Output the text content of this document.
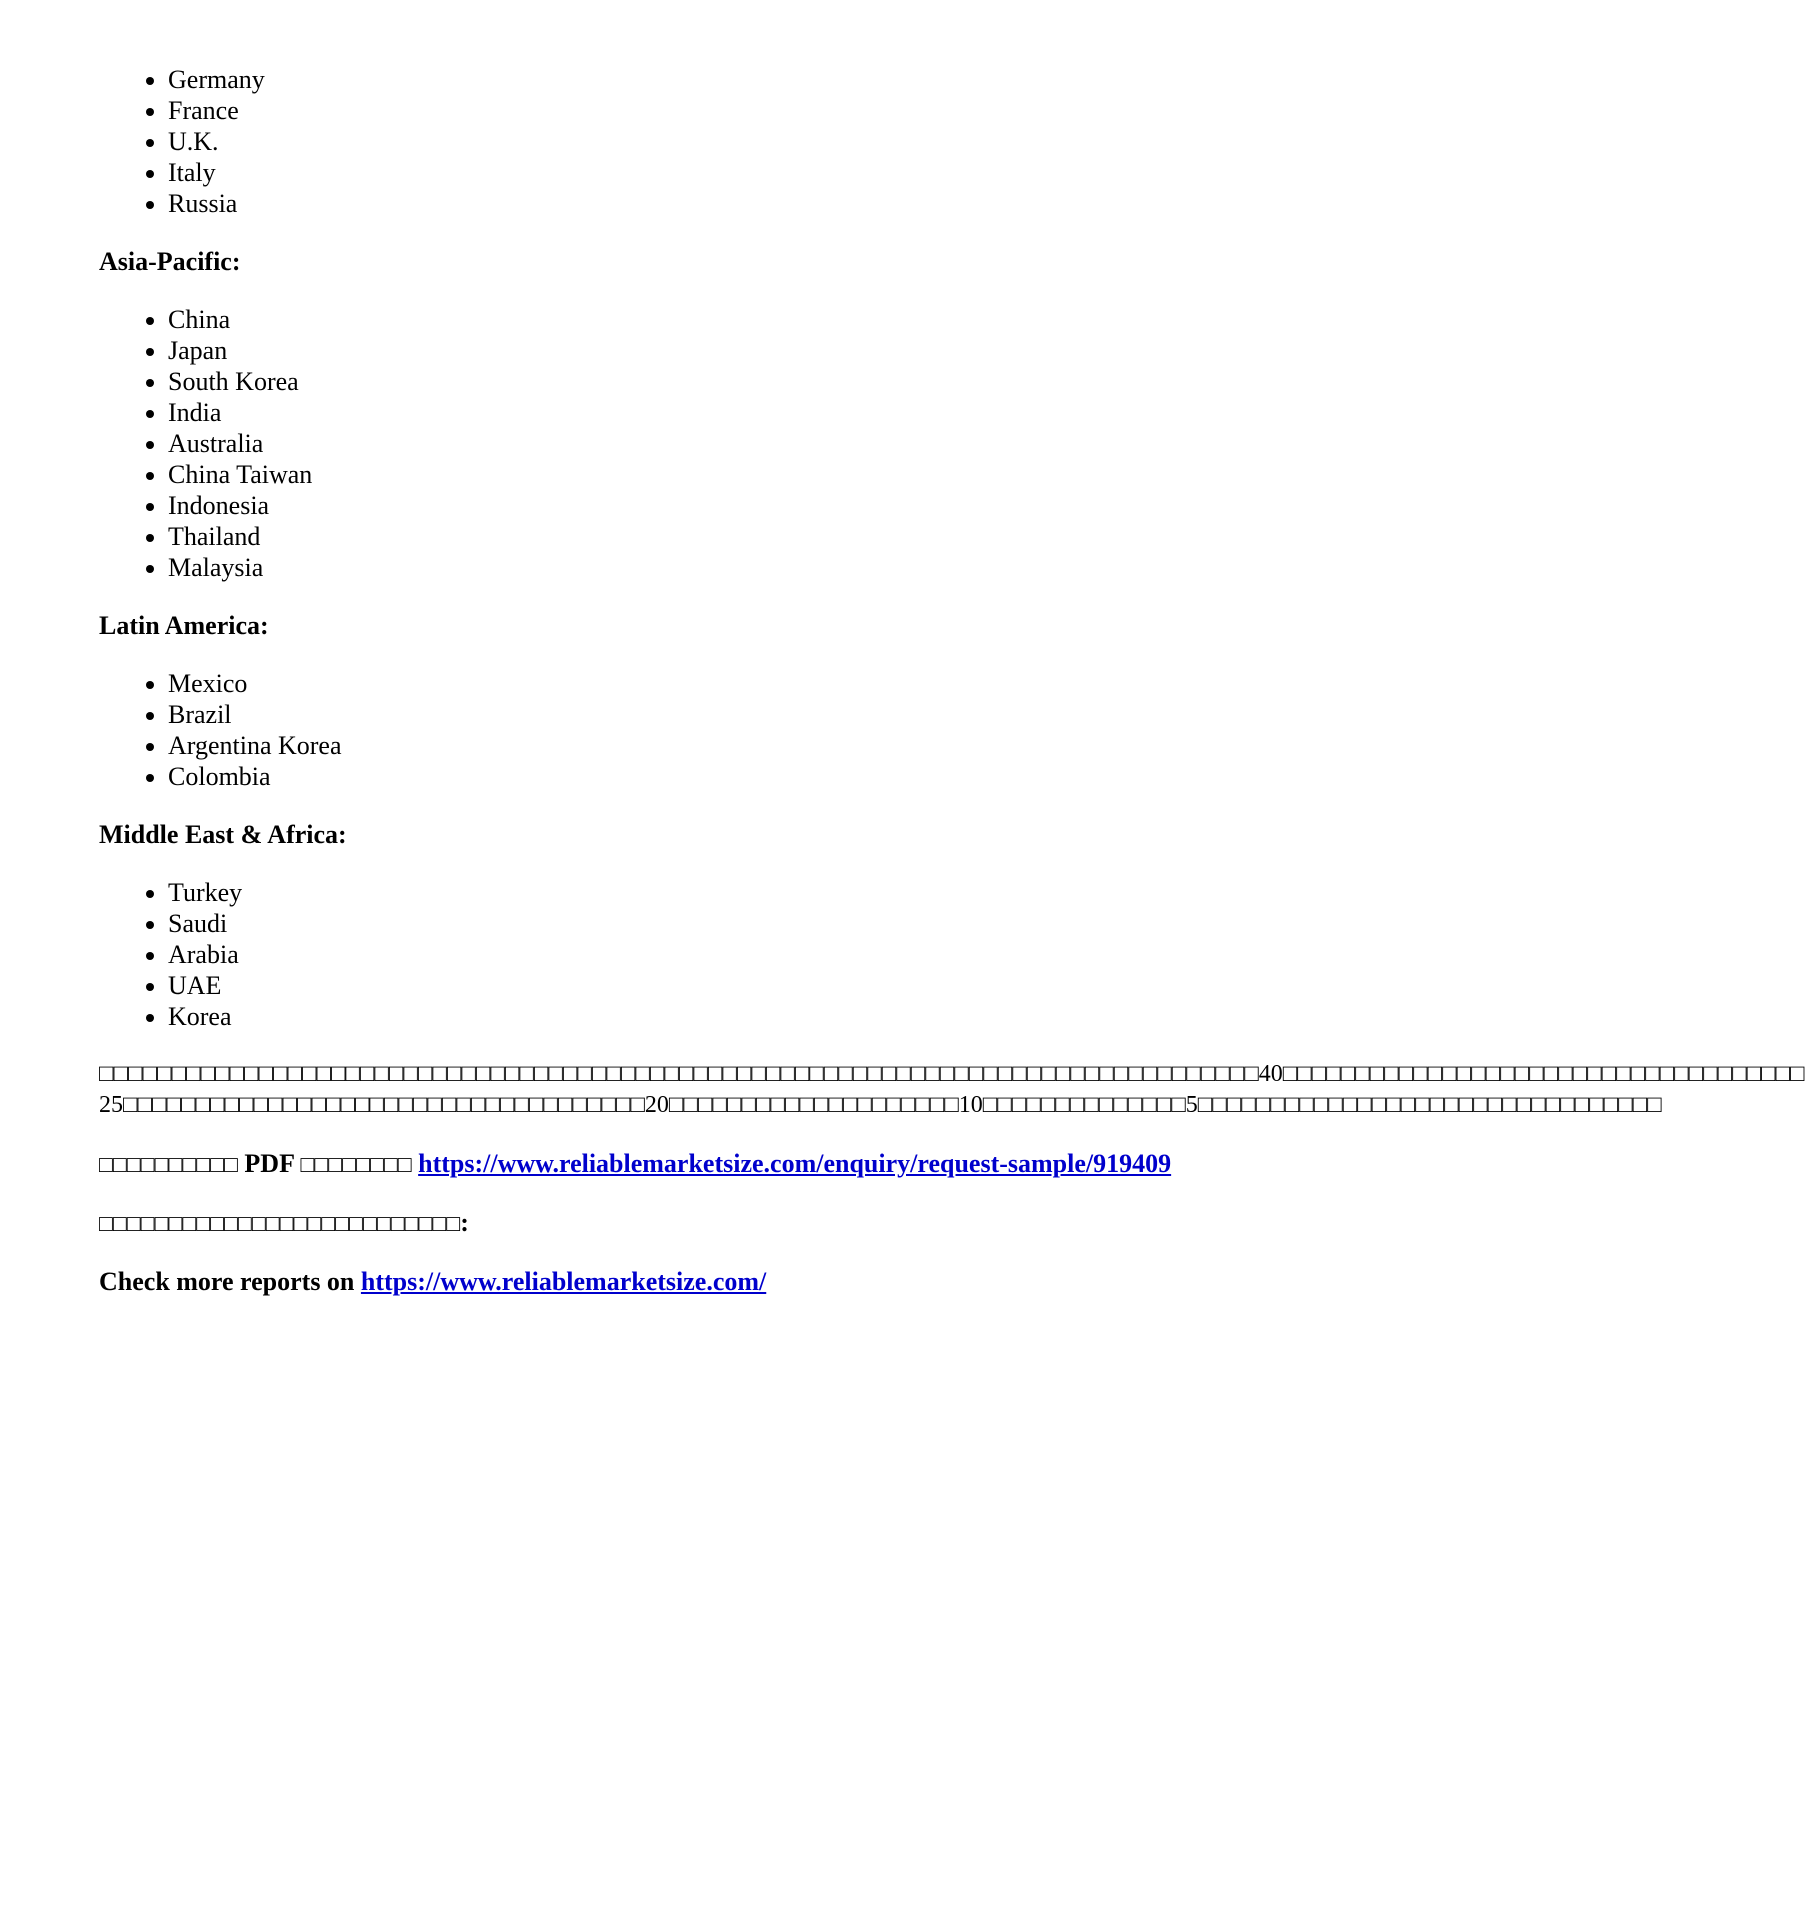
• Germany
• France
• U.K.
• Italy
• Russia

Asia-Pacific:

• China
• Japan
• South Korea
• India
• Australia
• China Taiwan
• Indonesia
• Thailand
• Malaysia

Latin America:

• Mexico
• Brazil
• Argentina Korea
• Colombia

Middle East & Africa:

• Turkey
• Saudi
• Arabia
• UAE
• Korea

□□□□□□□□□□□□□□□□□□□□□□□□□□□□□□□□□□□□□□□□□□□□□□□□□□□□□□□□□□□□□□□□□□□□□□□□□□□□□□□□40□□□□□□□□□□□□□□□□□□□□□□□□□□□□□□□□□□□□

25□□□□□□□□□□□□□□□□□□□□□□□□□□□□□□□□□□□□20□□□□□□□□□□□□□□□□□□□□10□□□□□□□□□□□□□□5□□□□□□□□□□□□□□□□□□□□□□□□□□□□□□□□

□□□□□□□□□□ PDF □□□□□□□□ https://www.reliablemarketsize.com/enquiry/request-sample/919409

□□□□□□□□□□□□□□□□□□□□□□□□□□:

Check more reports on https://www.reliablemarketsize.com/
